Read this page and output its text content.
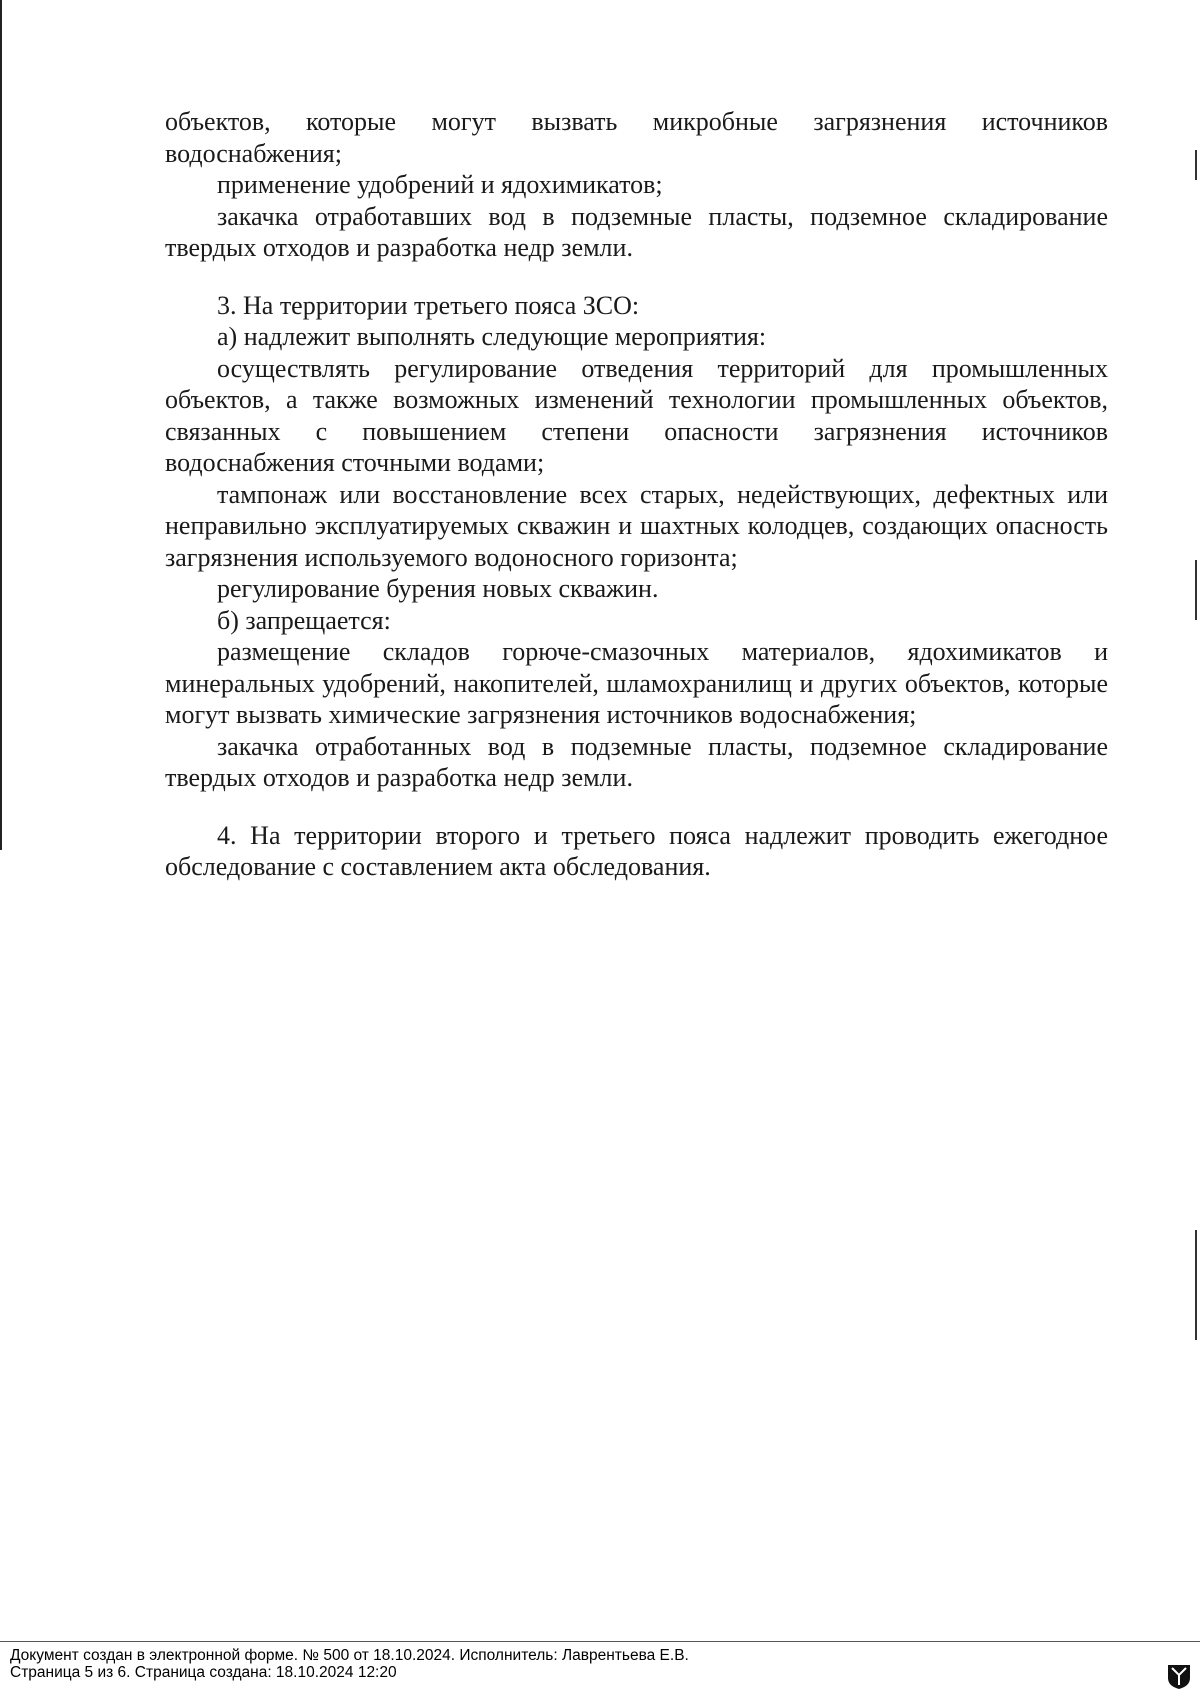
объектов, которые могут вызвать микробные загрязнения источников водоснабжения;

применение удобрений и ядохимикатов;

закачка отработавших вод в подземные пласты, подземное складирование твердых отходов и разработка недр земли.

3. На территории третьего пояса ЗСО:

а) надлежит выполнять следующие мероприятия:

осуществлять регулирование отведения территорий для промышленных объектов, а также возможных изменений технологии промышленных объектов, связанных с повышением степени опасности загрязнения источников водоснабжения сточными водами;

тампонаж или восстановление всех старых, недействующих, дефектных или неправильно эксплуатируемых скважин и шахтных колодцев, создающих опасность загрязнения используемого водоносного горизонта;

регулирование бурения новых скважин.

б) запрещается:

размещение складов горюче-смазочных материалов, ядохимикатов и минеральных удобрений, накопителей, шламохранилищ и других объектов, которые могут вызвать химические загрязнения источников водоснабжения;

закачка отработанных вод в подземные пласты, подземное складирование твердых отходов и разработка недр земли.

4. На территории второго и третьего пояса надлежит проводить ежегодное обследование с составлением акта обследования.

Документ создан в электронной форме. № 500 от 18.10.2024. Исполнитель: Лаврентьева Е.В.
Страница 5 из 6. Страница создана: 18.10.2024 12:20
